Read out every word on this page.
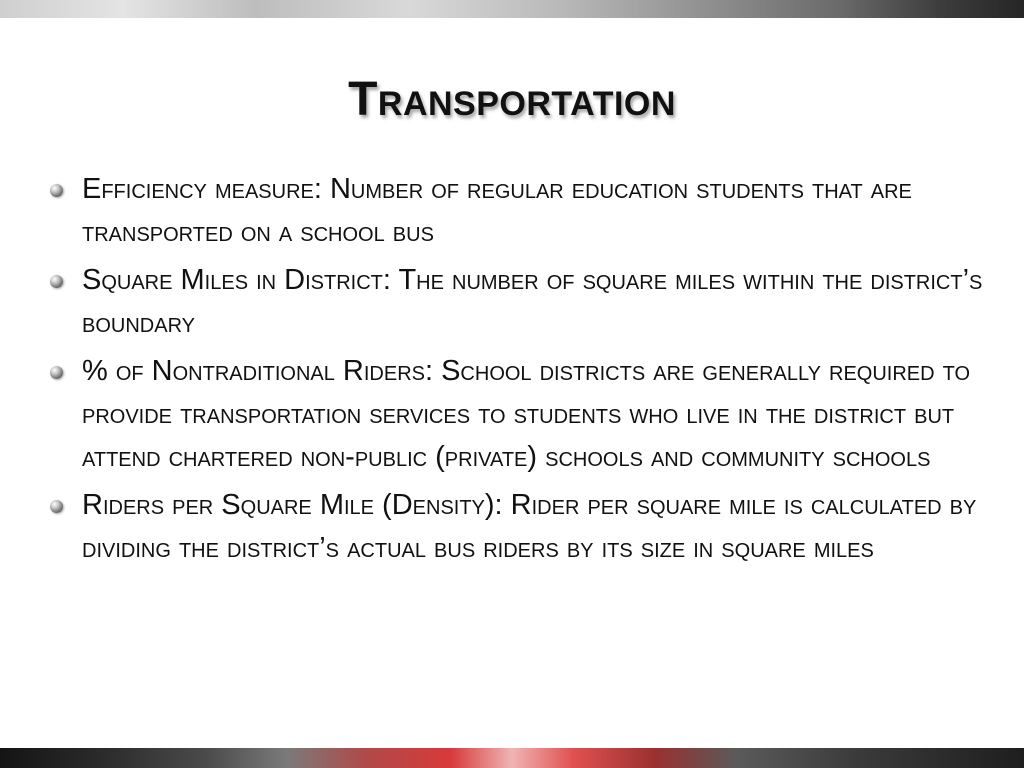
Transportation
Efficiency measure: Number of regular education students that are transported on a school bus
Square Miles in District: The number of square miles within the district’s boundary
% of Nontraditional Riders: School districts are generally required to provide transportation services to students who live in the district but attend chartered non-public (private) schools and community schools
Riders per Square Mile (Density): Rider per square mile is calculated by dividing the district’s actual bus riders by its size in square miles
